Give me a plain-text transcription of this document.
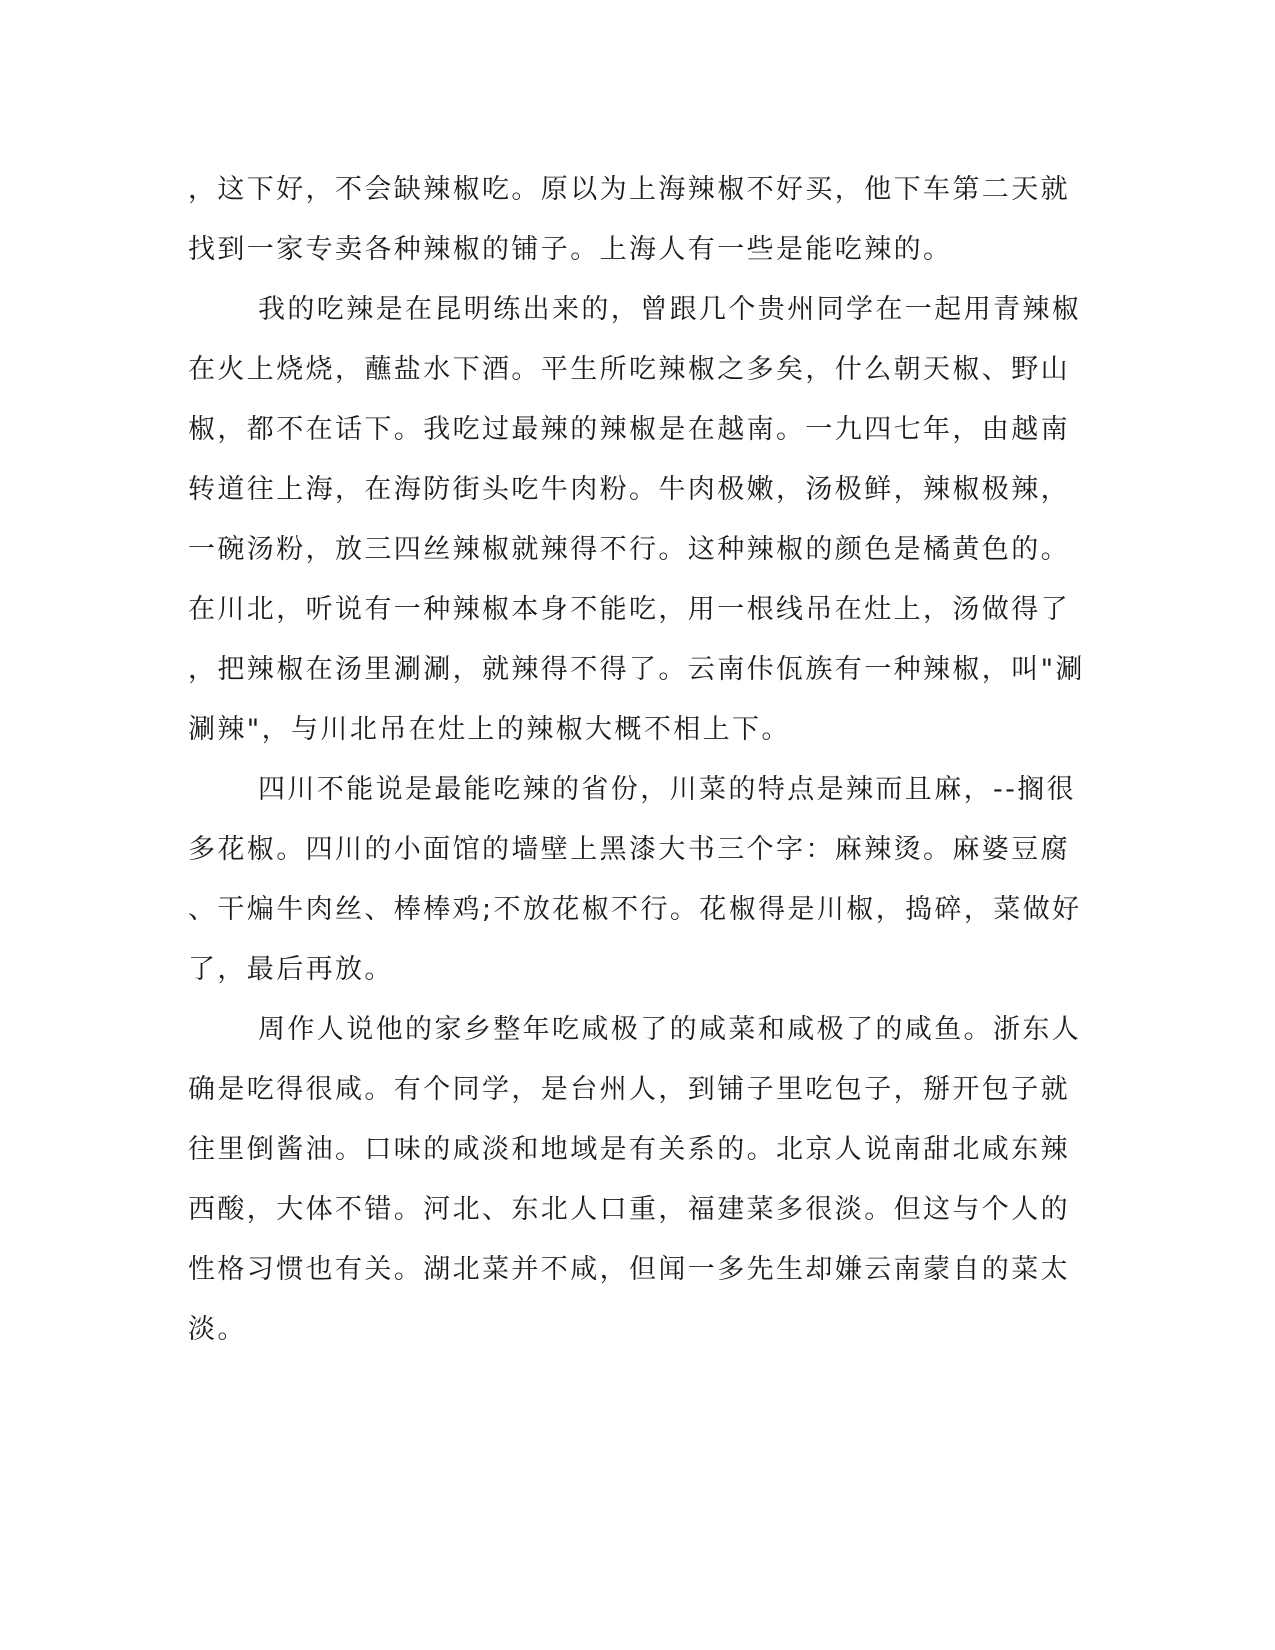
，这下好，不会缺辣椒吃。原以为上海辣椒不好买，他下车第二天就
找到一家专卖各种辣椒的铺子。上海人有一些是能吃辣的。
我的吃辣是在昆明练出来的，曾跟几个贵州同学在一起用青辣椒
在火上烧烧，蘸盐水下酒。平生所吃辣椒之多矣，什么朝天椒、野山
椒，都不在话下。我吃过最辣的辣椒是在越南。一九四七年，由越南
转道往上海，在海防街头吃牛肉粉。牛肉极嫩，汤极鲜，辣椒极辣，
一碗汤粉，放三四丝辣椒就辣得不行。这种辣椒的颜色是橘黄色的。
在川北，听说有一种辣椒本身不能吃，用一根线吊在灶上，汤做得了
，把辣椒在汤里涮涮，就辣得不得了。云南佧佤族有一种辣椒，叫"涮
涮辣"，与川北吊在灶上的辣椒大概不相上下。
四川不能说是最能吃辣的省份，川菜的特点是辣而且麻，--搁很
多花椒。四川的小面馆的墙壁上黑漆大书三个字：麻辣烫。麻婆豆腐
、干煸牛肉丝、棒棒鸡;不放花椒不行。花椒得是川椒，捣碎，菜做好
了，最后再放。
周作人说他的家乡整年吃咸极了的咸菜和咸极了的咸鱼。浙东人
确是吃得很咸。有个同学，是台州人，到铺子里吃包子，掰开包子就
往里倒酱油。口味的咸淡和地域是有关系的。北京人说南甜北咸东辣
西酸，大体不错。河北、东北人口重，福建菜多很淡。但这与个人的
性格习惯也有关。湖北菜并不咸，但闻一多先生却嫌云南蒙自的菜太
淡。
